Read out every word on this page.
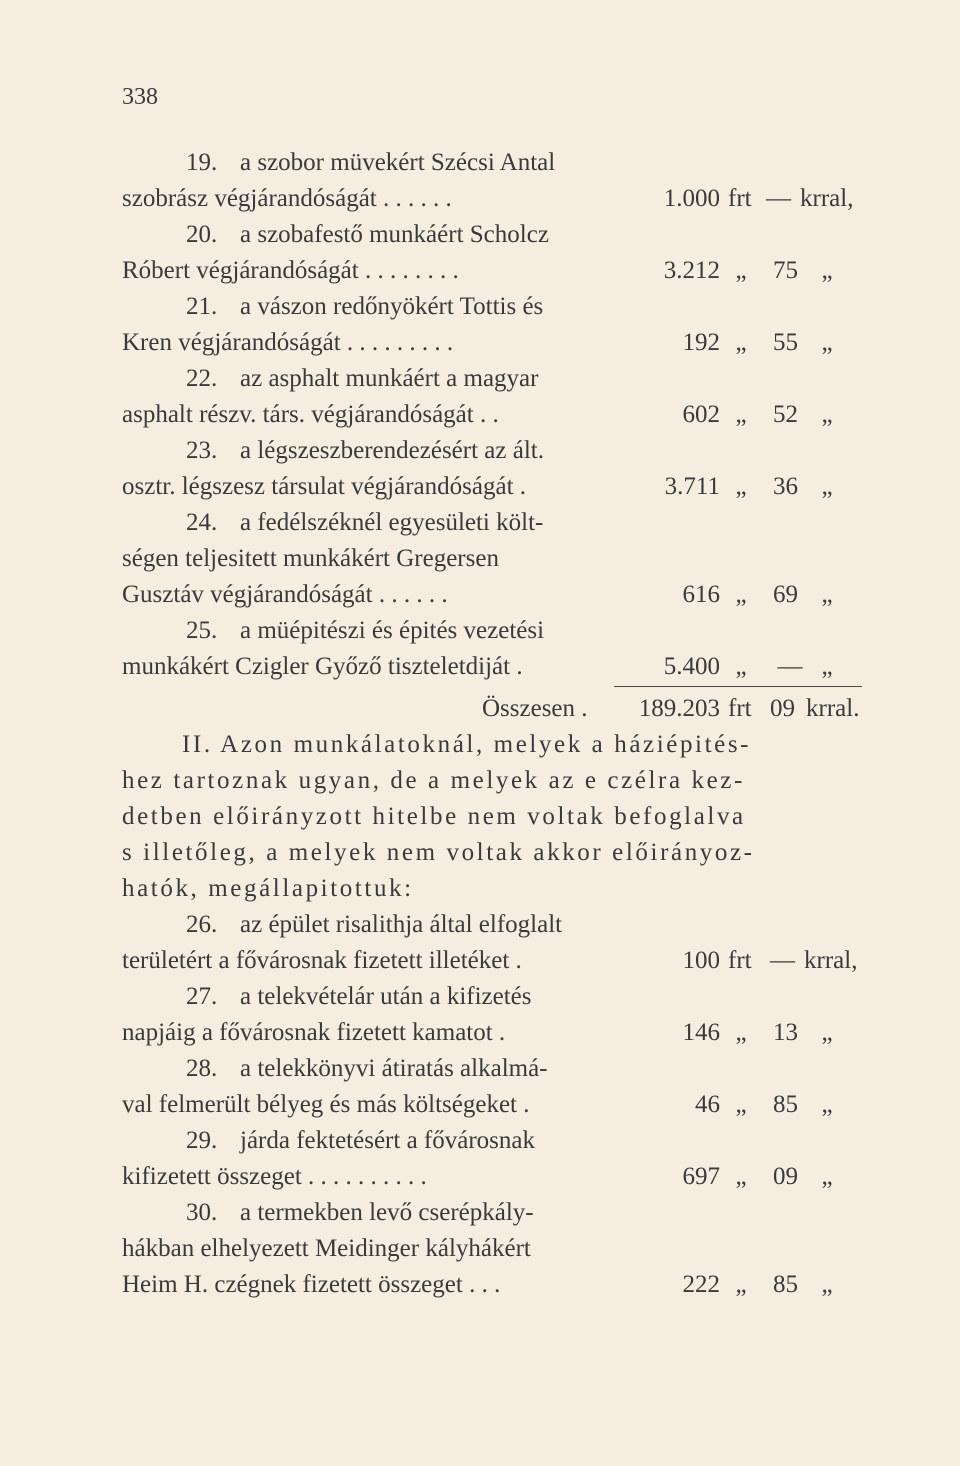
338
19. a szobor müvekért Szécsi Antal
szobrász végjárandóságát . . . . . .	1.000 frt — krral,
20. a szobafestő munkáért Scholcz
Róbert végjárandóságát . . . . . . . .	3.212 „	75 „
21. a vászon redőnyökért Tottis és
Kren végjárandóságát . . . . . . . . .	192 „	55 „
22. az asphalt munkáért a magyar
asphalt részv. társ. végjárandóságát . .	602 „	52 „
23. a légszeszberendezésért az ált.
osztr. légszesz társulat végjárandóságát .	3.711 „	36 „
24. a fedélszéknél egyesületi költ-
ségen teljesitett munkákért Gregersen
Gusztáv végjárandóságát . . . . . .	616 „	69 „
25. a müépitészi és épités vezetési
munkákért Czigler Győző tiszteletdiját .	5.400 „	— „
Összesen .	189.203 frt 09 krral.
II. Azon munkálatoknál, melyek a háziépités-
hez tartoznak ugyan, de a melyek az e czélra kez-
detben előirányzott hitelbe nem voltak befoglalva
s illetőleg, a melyek nem voltak akkor előirányoz-
hatók, megállapitottuk:
26. az épület risalithja által elfoglalt
területért a fővárosnak fizetett illetéket .	100 frt — krral,
27. a telekvételár után a kifizetés
napjáig a fővárosnak fizetett kamatot .	146 „	13 „
28. a telekkönyvi átiratás alkalmá-
val felmerült bélyeg és más költségeket .	46 „	85 „
29. járda fektetésért a fővárosnak
kifizetett összeget . . . . . . . . . .	697 „	09 „
30. a termekben levő cserépkály-
hákban elhelyezett Meidinger kályhákért
Heim H. czégnek fizetett összeget . . .	222 „	85 „
